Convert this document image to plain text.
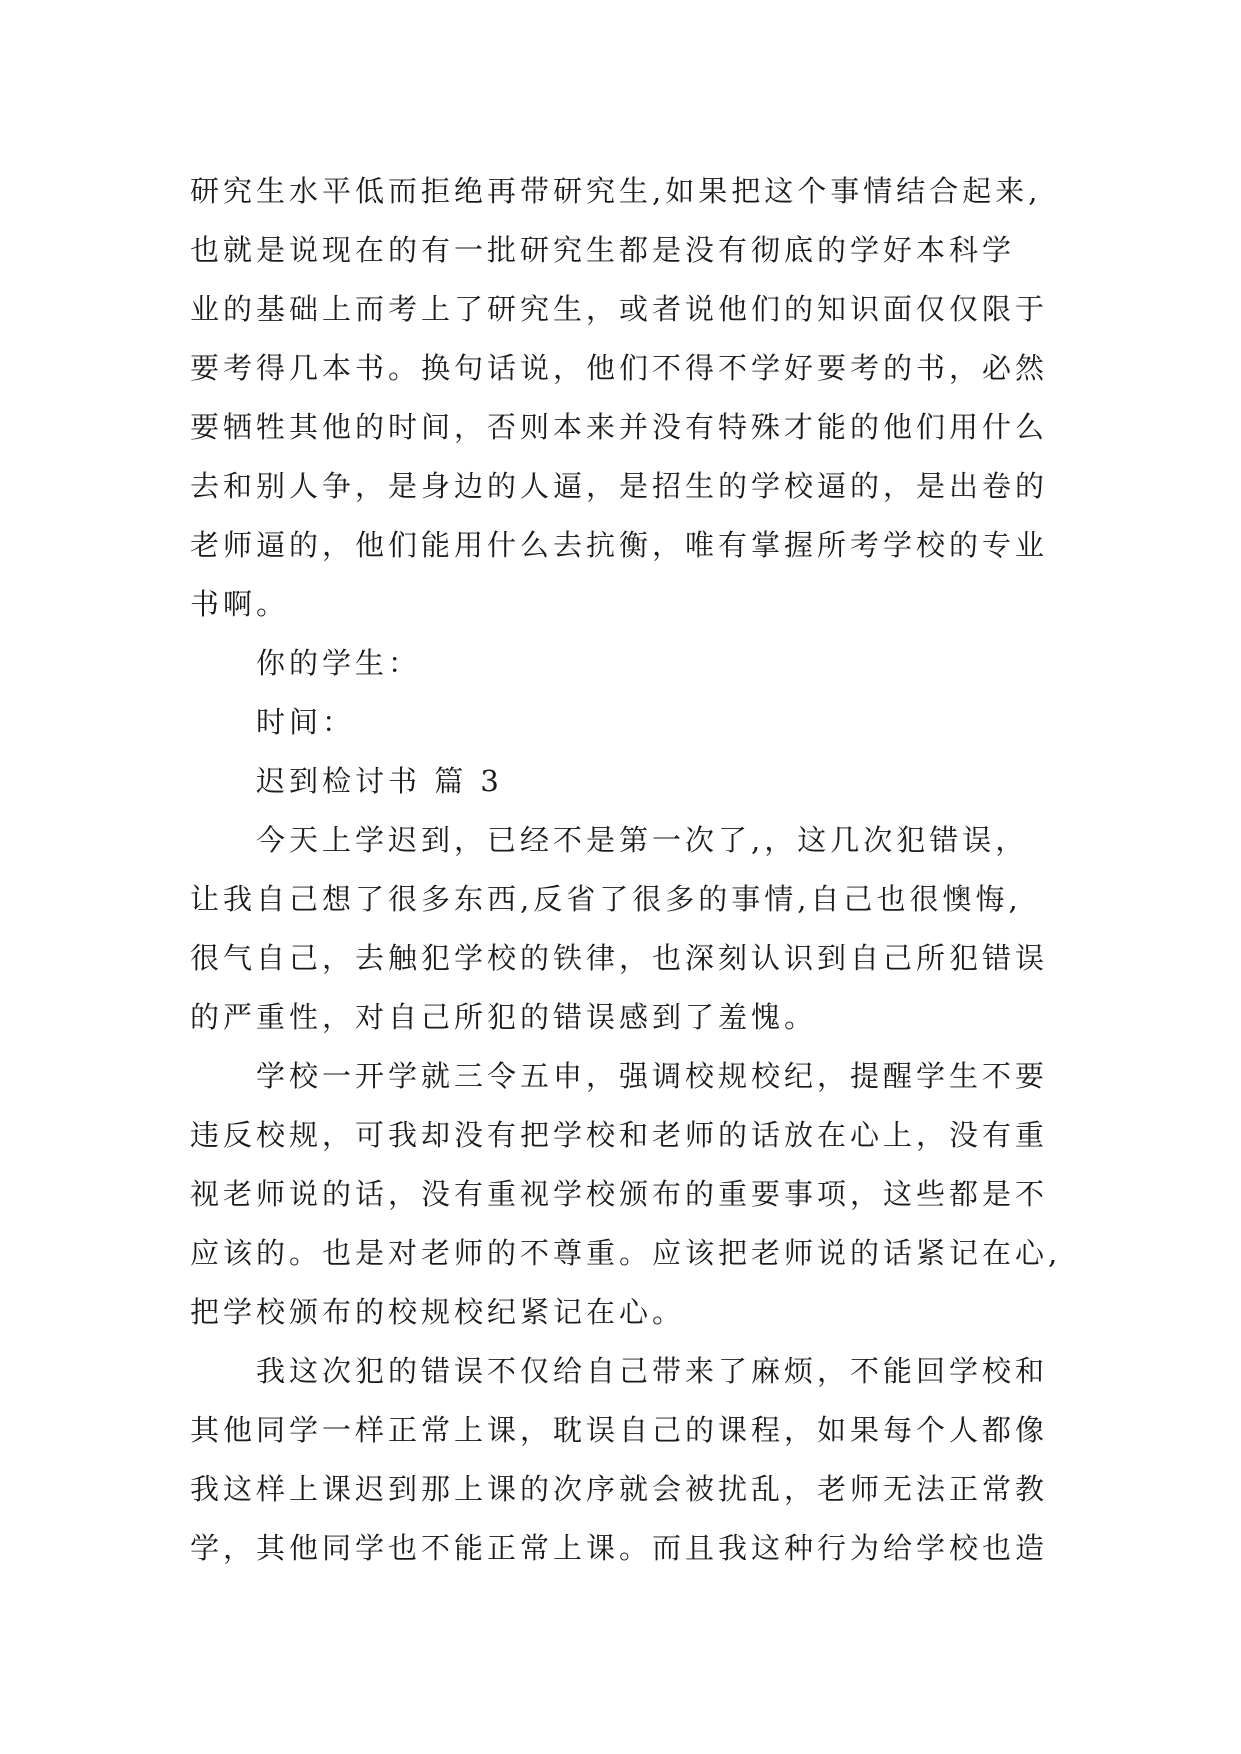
研究生水平低而拒绝再带研究生,如果把这个事情结合起来,
也就是说现在的有一批研究生都是没有彻底的学好本科学
业的基础上而考上了研究生，或者说他们的知识面仅仅限于
要考得几本书。换句话说，他们不得不学好要考的书，必然
要牺牲其他的时间，否则本来并没有特殊才能的他们用什么
去和别人争，是身边的人逼，是招生的学校逼的，是出卷的
老师逼的，他们能用什么去抗衡，唯有掌握所考学校的专业
书啊。
你的学生：
时间：
迟到检讨书 篇 3
今天上学迟到，已经不是第一次了,，这几次犯错误，
让我自己想了很多东西,反省了很多的事情,自己也很懊悔,
很气自己，去触犯学校的铁律，也深刻认识到自己所犯错误
的严重性，对自己所犯的错误感到了羞愧。
学校一开学就三令五申，强调校规校纪，提醒学生不要
违反校规，可我却没有把学校和老师的话放在心上，没有重
视老师说的话，没有重视学校颁布的重要事项，这些都是不
应该的。也是对老师的不尊重。应该把老师说的话紧记在心,
把学校颁布的校规校纪紧记在心。
我这次犯的错误不仅给自己带来了麻烦，不能回学校和
其他同学一样正常上课，耽误自己的课程，如果每个人都像
我这样上课迟到那上课的次序就会被扰乱，老师无法正常教
学，其他同学也不能正常上课。而且我这种行为给学校也造
